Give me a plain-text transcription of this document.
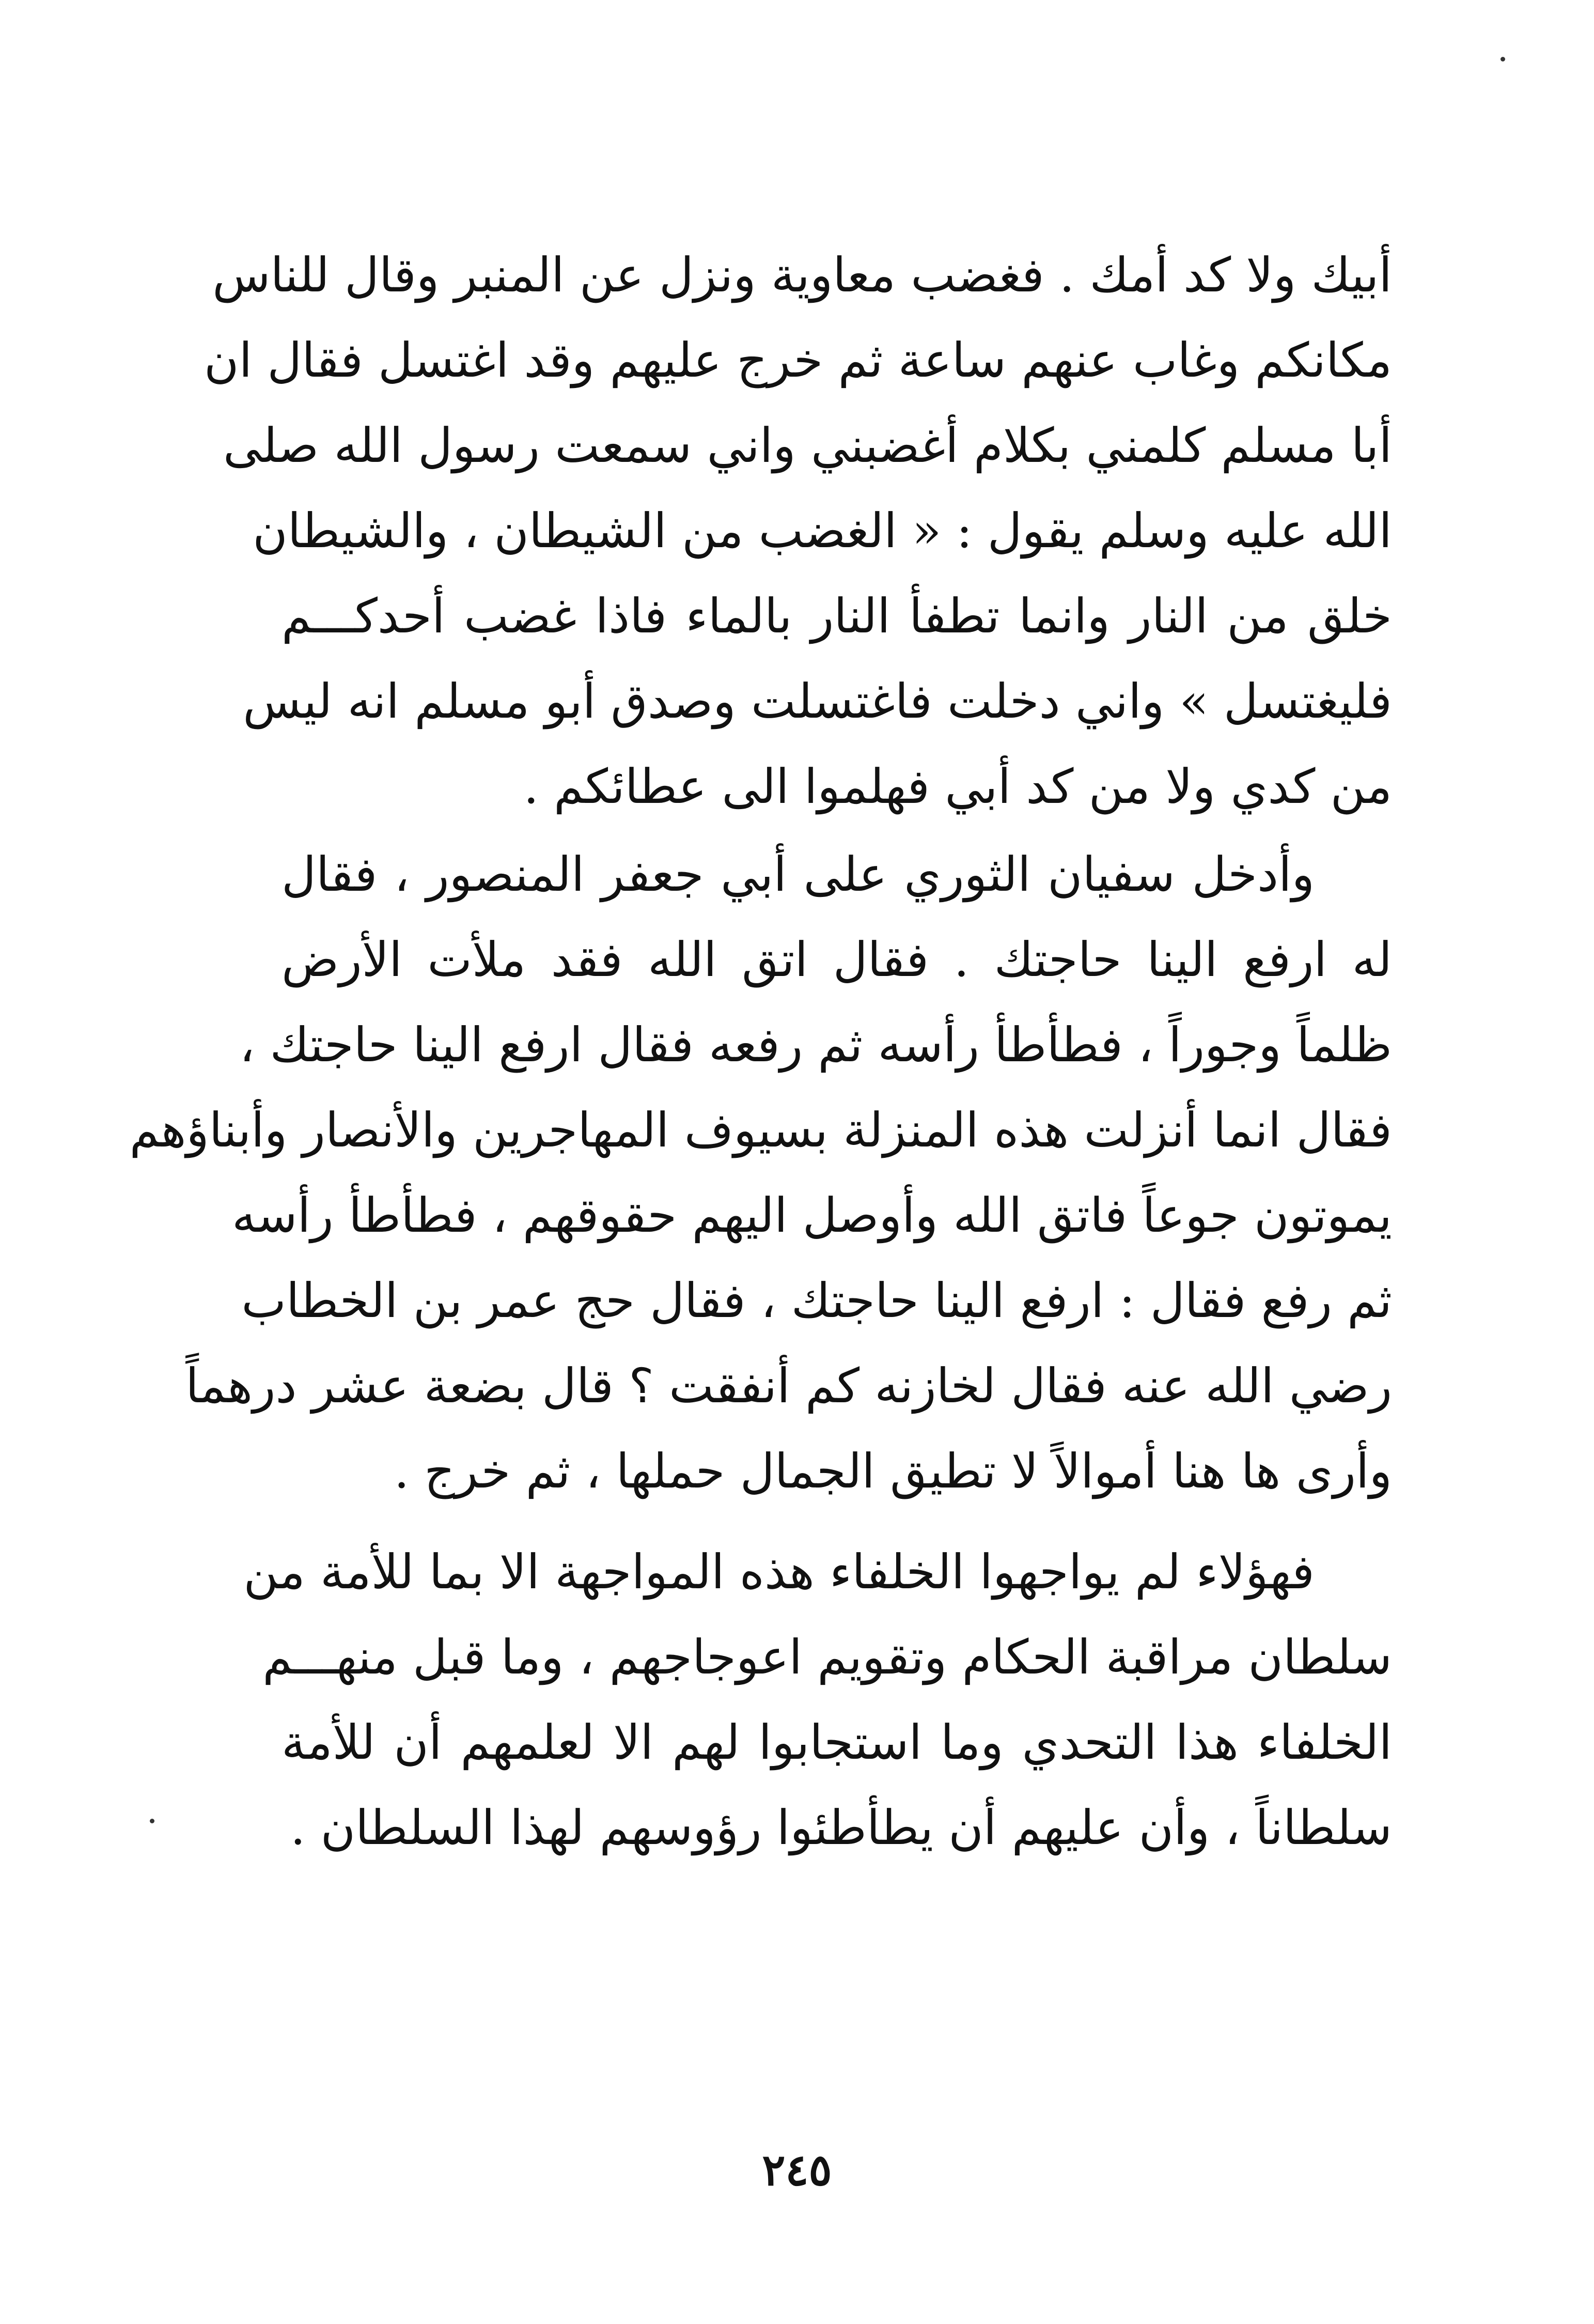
أبيك ولا كد أمك . فغضب معاوية ونزل عن المنبر وقال للناس
مكانكم وغاب عنهم ساعة ثم خرج عليهم وقد اغتسل فقال ان
أبا مسلم كلمني بكلام أغضبني واني سمعت رسول الله صلى
الله عليه وسلم يقول : « الغضب من الشيطان ، والشيطان
خلق من النار وانما تطفأ النار بالماء فاذا غضب أحدكـــم
فليغتسل » واني دخلت فاغتسلت وصدق أبو مسلم انه ليس
من كدي ولا من كد أبي فهلموا الى عطائكم .
وأدخل سفيان الثوري على أبي جعفر المنصور ، فقال
له ارفع الينا حاجتك . فقال اتق الله فقد ملأت الأرض
ظلماً وجوراً ، فطأطأ رأسه ثم رفعه فقال ارفع الينا حاجتك ،
فقال انما أنزلت هذه المنزلة بسيوف المهاجرين والأنصار وأبناؤهم
يموتون جوعاً فاتق الله وأوصل اليهم حقوقهم ، فطأطأ رأسه
ثم رفع فقال : ارفع الينا حاجتك ، فقال حج عمر بن الخطاب
رضي الله عنه فقال لخازنه كم أنفقت ؟ قال بضعة عشر درهماً
وأرى ها هنا أموالاً لا تطيق الجمال حملها ، ثم خرج .
فهؤلاء لم يواجهوا الخلفاء هذه المواجهة الا بما للأمة من
سلطان مراقبة الحكام وتقويم اعوجاجهم ، وما قبل منهـــم
الخلفاء هذا التحدي وما استجابوا لهم الا لعلمهم أن للأمة
سلطاناً ، وأن عليهم أن يطأطئوا رؤوسهم لهذا السلطان .
٢٤٥
